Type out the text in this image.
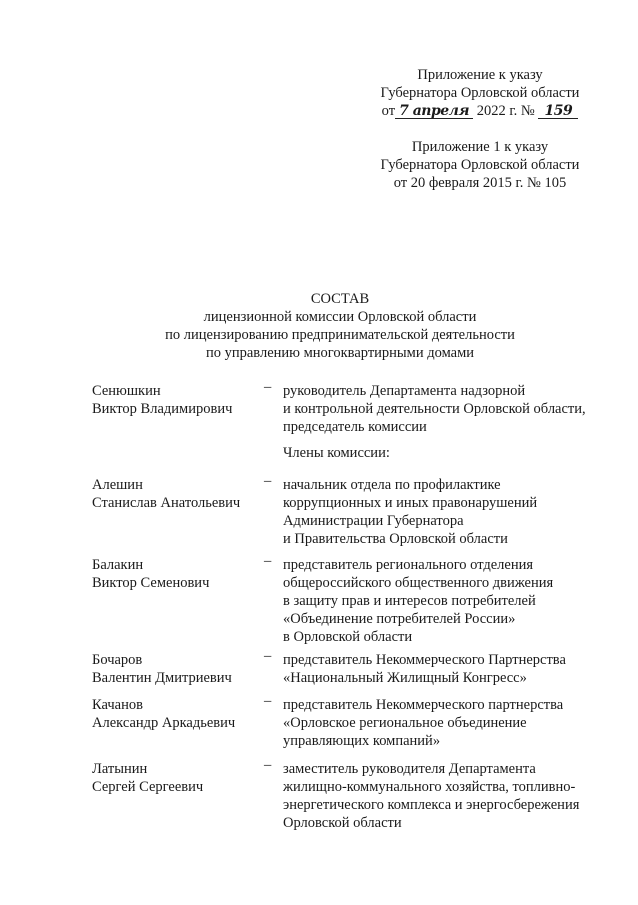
Приложение к указу
Губернатора Орловской области
от 7 апреля 2022 г. № 159
Приложение 1 к указу
Губернатора Орловской области
от 20 февраля 2015 г. № 105
СОСТАВ
лицензионной комиссии Орловской области
по лицензированию предпринимательской деятельности
по управлению многоквартирными домами
Сенюшкин
Виктор Владимирович
– руководитель Департамента надзорной
и контрольной деятельности Орловской области,
председатель комиссии
Члены комиссии:
Алешин
Станислав Анатольевич
– начальник отдела по профилактике
коррупционных и иных правонарушений
Администрации Губернатора
и Правительства Орловской области
Балакин
Виктор Семенович
– представитель регионального отделения
общероссийского общественного движения
в защиту прав и интересов потребителей
«Объединение потребителей России»
в Орловской области
Бочаров
Валентин Дмитриевич
– представитель Некоммерческого Партнерства
«Национальный Жилищный Конгресс»
Качанов
Александр Аркадьевич
– представитель Некоммерческого партнерства
«Орловское региональное объединение
управляющих компаний»
Латынин
Сергей Сергеевич
– заместитель руководителя Департамента
жилищно-коммунального хозяйства, топливно-
энергетического комплекса и энергосбережения
Орловской области
